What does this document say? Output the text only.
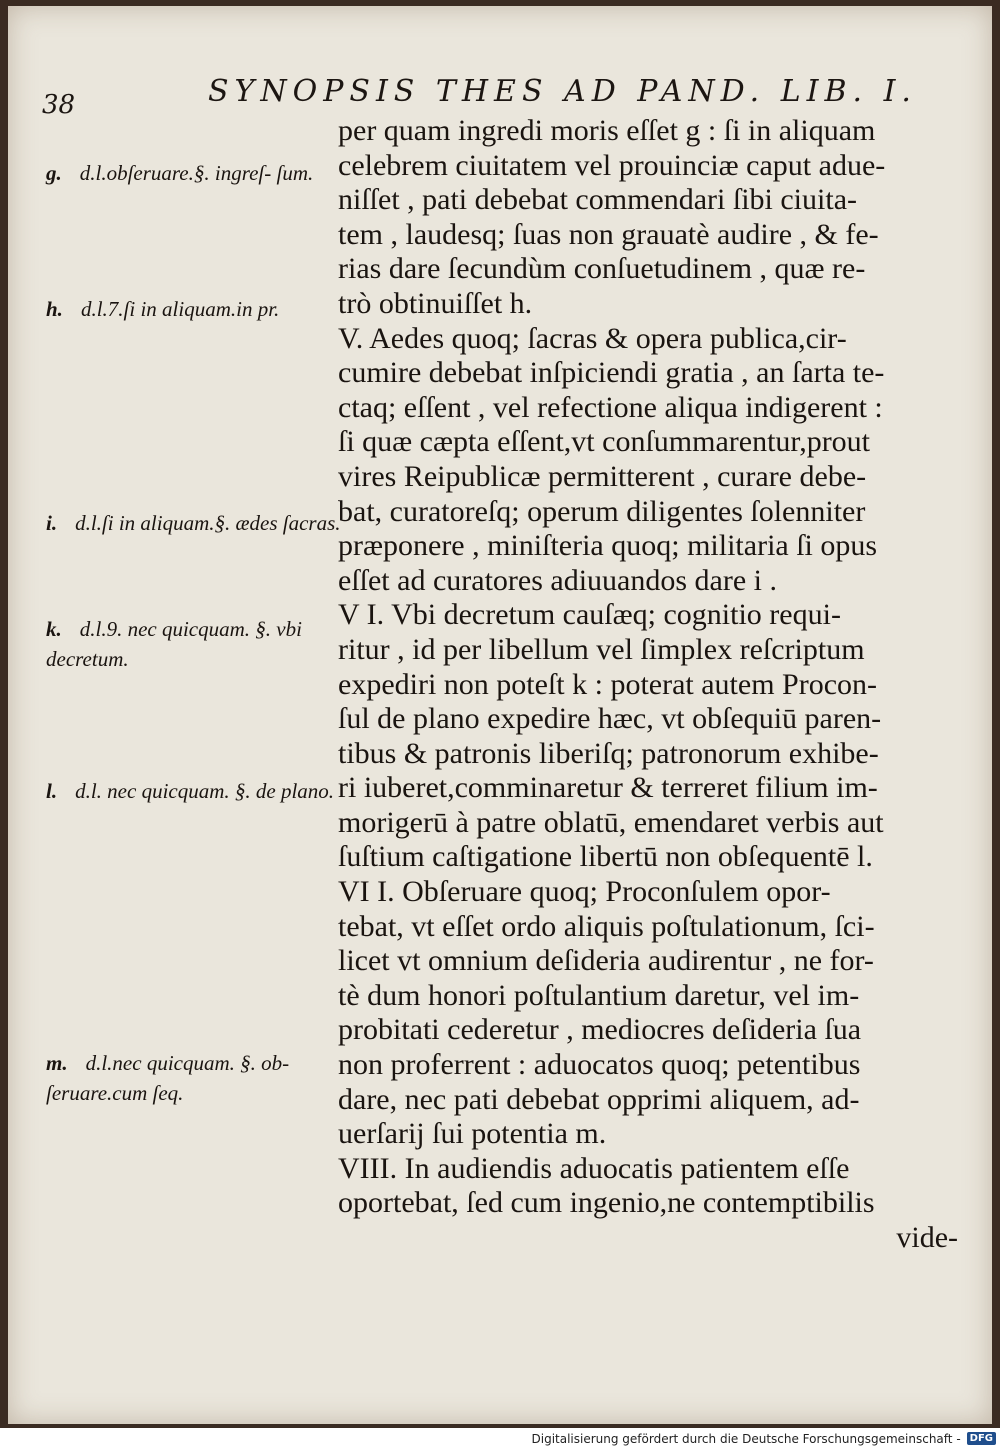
38	SYNOPSIS THES AD PAND. LIB. I.
g. d.l.obſeruare.§. ingreſ- ſum.
h. d.l.7.ſi in aliquam.in pr.
i. d.l.ſi in aliquam.§. ædes ſacras.
k. d.l.9. nec quicquam. §. vbi decretum.
l. d.l. nec quicquam. §. de plano.
m. d.l.nec quicquam. §. ob- ſeruare.cum ſeq.
per quam ingredi moris eſſet g : ſi in aliquam
celebrem ciuitatem vel prouinciæ caput adue-
niſſet , pati debebat commendari ſibi ciuita-
tem , laudesq; ſuas non grauatè audire , & fe-
rias dare ſecundùm conſuetudinem , quæ re-
trò obtinuiſſet h.
V. Aedes quoq; ſacras & opera publica,cir-
cumire debebat inſpiciendi gratia , an ſarta te-
ctaq; eſſent , vel refectione aliqua indigerent :
ſi quæ cæpta eſſent,vt conſummarentur,prout
vires Reipublicæ permitterent , curare debe-
bat, curatoreſq; operum diligentes ſolenniter
præponere , miniſteria quoq; militaria ſi opus
eſſet ad curatores adiuuandos dare i .
V I. Vbi decretum cauſæq; cognitio requi-
ritur , id per libellum vel ſimplex reſcriptum
expediri non poteſt k : poterat autem Procon-
ſul de plano expedire hæc, vt obſequiū paren-
tibus & patronis liberiſq; patronorum exhibe-
ri iuberet,comminaretur & terreret filium im-
morigerū à patre oblatū, emendaret verbis aut
ſuſtium caſtigatione libertū non obſequentē l.
VI I. Obſeruare quoq; Proconſulem opor-
tebat, vt eſſet ordo aliquis poſtulationum, ſci-
licet vt omnium deſideria audirentur , ne for-
tè dum honori poſtulantium daretur, vel im-
probitati cederetur , mediocres deſideria ſua
non proferrent : aduocatos quoq; petentibus
dare, nec pati debebat opprimi aliquem, ad-
uerſarij ſui potentia m.
VIII. In audiendis aduocatis patientem eſſe
oportebat, ſed cum ingenio,ne contemptibilis
vide-
Digitalisierung gefördert durch die Deutsche Forschungsgemeinschaft - DFG
